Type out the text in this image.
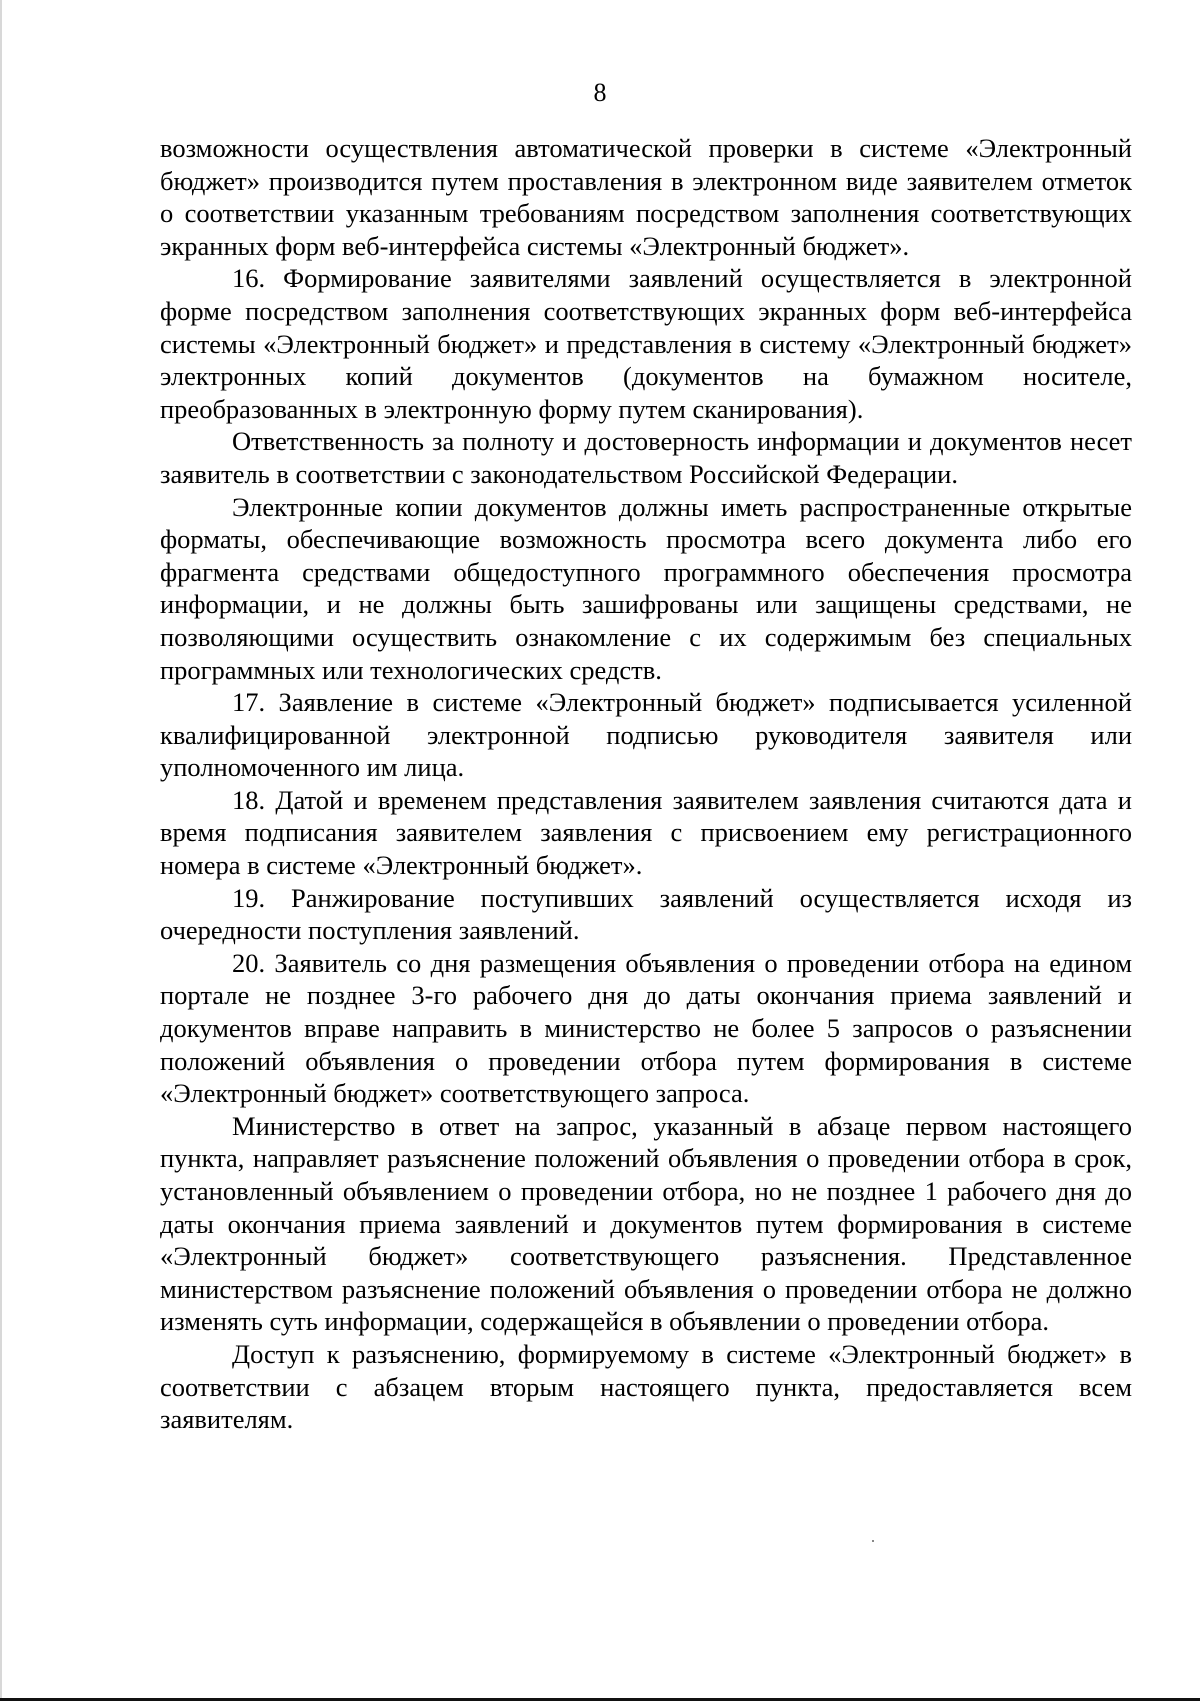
8

возможности осуществления автоматической проверки в системе «Электронный бюджет» производится путем проставления в электронном виде заявителем отметок о соответствии указанным требованиям посредством заполнения соответствующих экранных форм веб-интерфейса системы «Электронный бюджет».

16. Формирование заявителями заявлений осуществляется в электронной форме посредством заполнения соответствующих экранных форм веб-интерфейса системы «Электронный бюджет» и представления в систему «Электронный бюджет» электронных копий документов (документов на бумажном носителе, преобразованных в электронную форму путем сканирования).

Ответственность за полноту и достоверность информации и документов несет заявитель в соответствии с законодательством Российской Федерации.

Электронные копии документов должны иметь распространенные открытые форматы, обеспечивающие возможность просмотра всего документа либо его фрагмента средствами общедоступного программного обеспечения просмотра информации, и не должны быть зашифрованы или защищены средствами, не позволяющими осуществить ознакомление с их содержимым без специальных программных или технологических средств.

17. Заявление в системе «Электронный бюджет» подписывается усиленной квалифицированной электронной подписью руководителя заявителя или уполномоченного им лица.

18. Датой и временем представления заявителем заявления считаются дата и время подписания заявителем заявления с присвоением ему регистрационного номера в системе «Электронный бюджет».

19. Ранжирование поступивших заявлений осуществляется исходя из очередности поступления заявлений.

20. Заявитель со дня размещения объявления о проведении отбора на едином портале не позднее 3-го рабочего дня до даты окончания приема заявлений и документов вправе направить в министерство не более 5 запросов о разъяснении положений объявления о проведении отбора путем формирования в системе «Электронный бюджет» соответствующего запроса.

Министерство в ответ на запрос, указанный в абзаце первом настоящего пункта, направляет разъяснение положений объявления о проведении отбора в срок, установленный объявлением о проведении отбора, но не позднее 1 рабочего дня до даты окончания приема заявлений и документов путем формирования в системе «Электронный бюджет» соответствующего разъяснения. Представленное министерством разъяснение положений объявления о проведении отбора не должно изменять суть информации, содержащейся в объявлении о проведении отбора.

Доступ к разъяснению, формируемому в системе «Электронный бюджет» в соответствии с абзацем вторым настоящего пункта, предоставляется всем заявителям.
